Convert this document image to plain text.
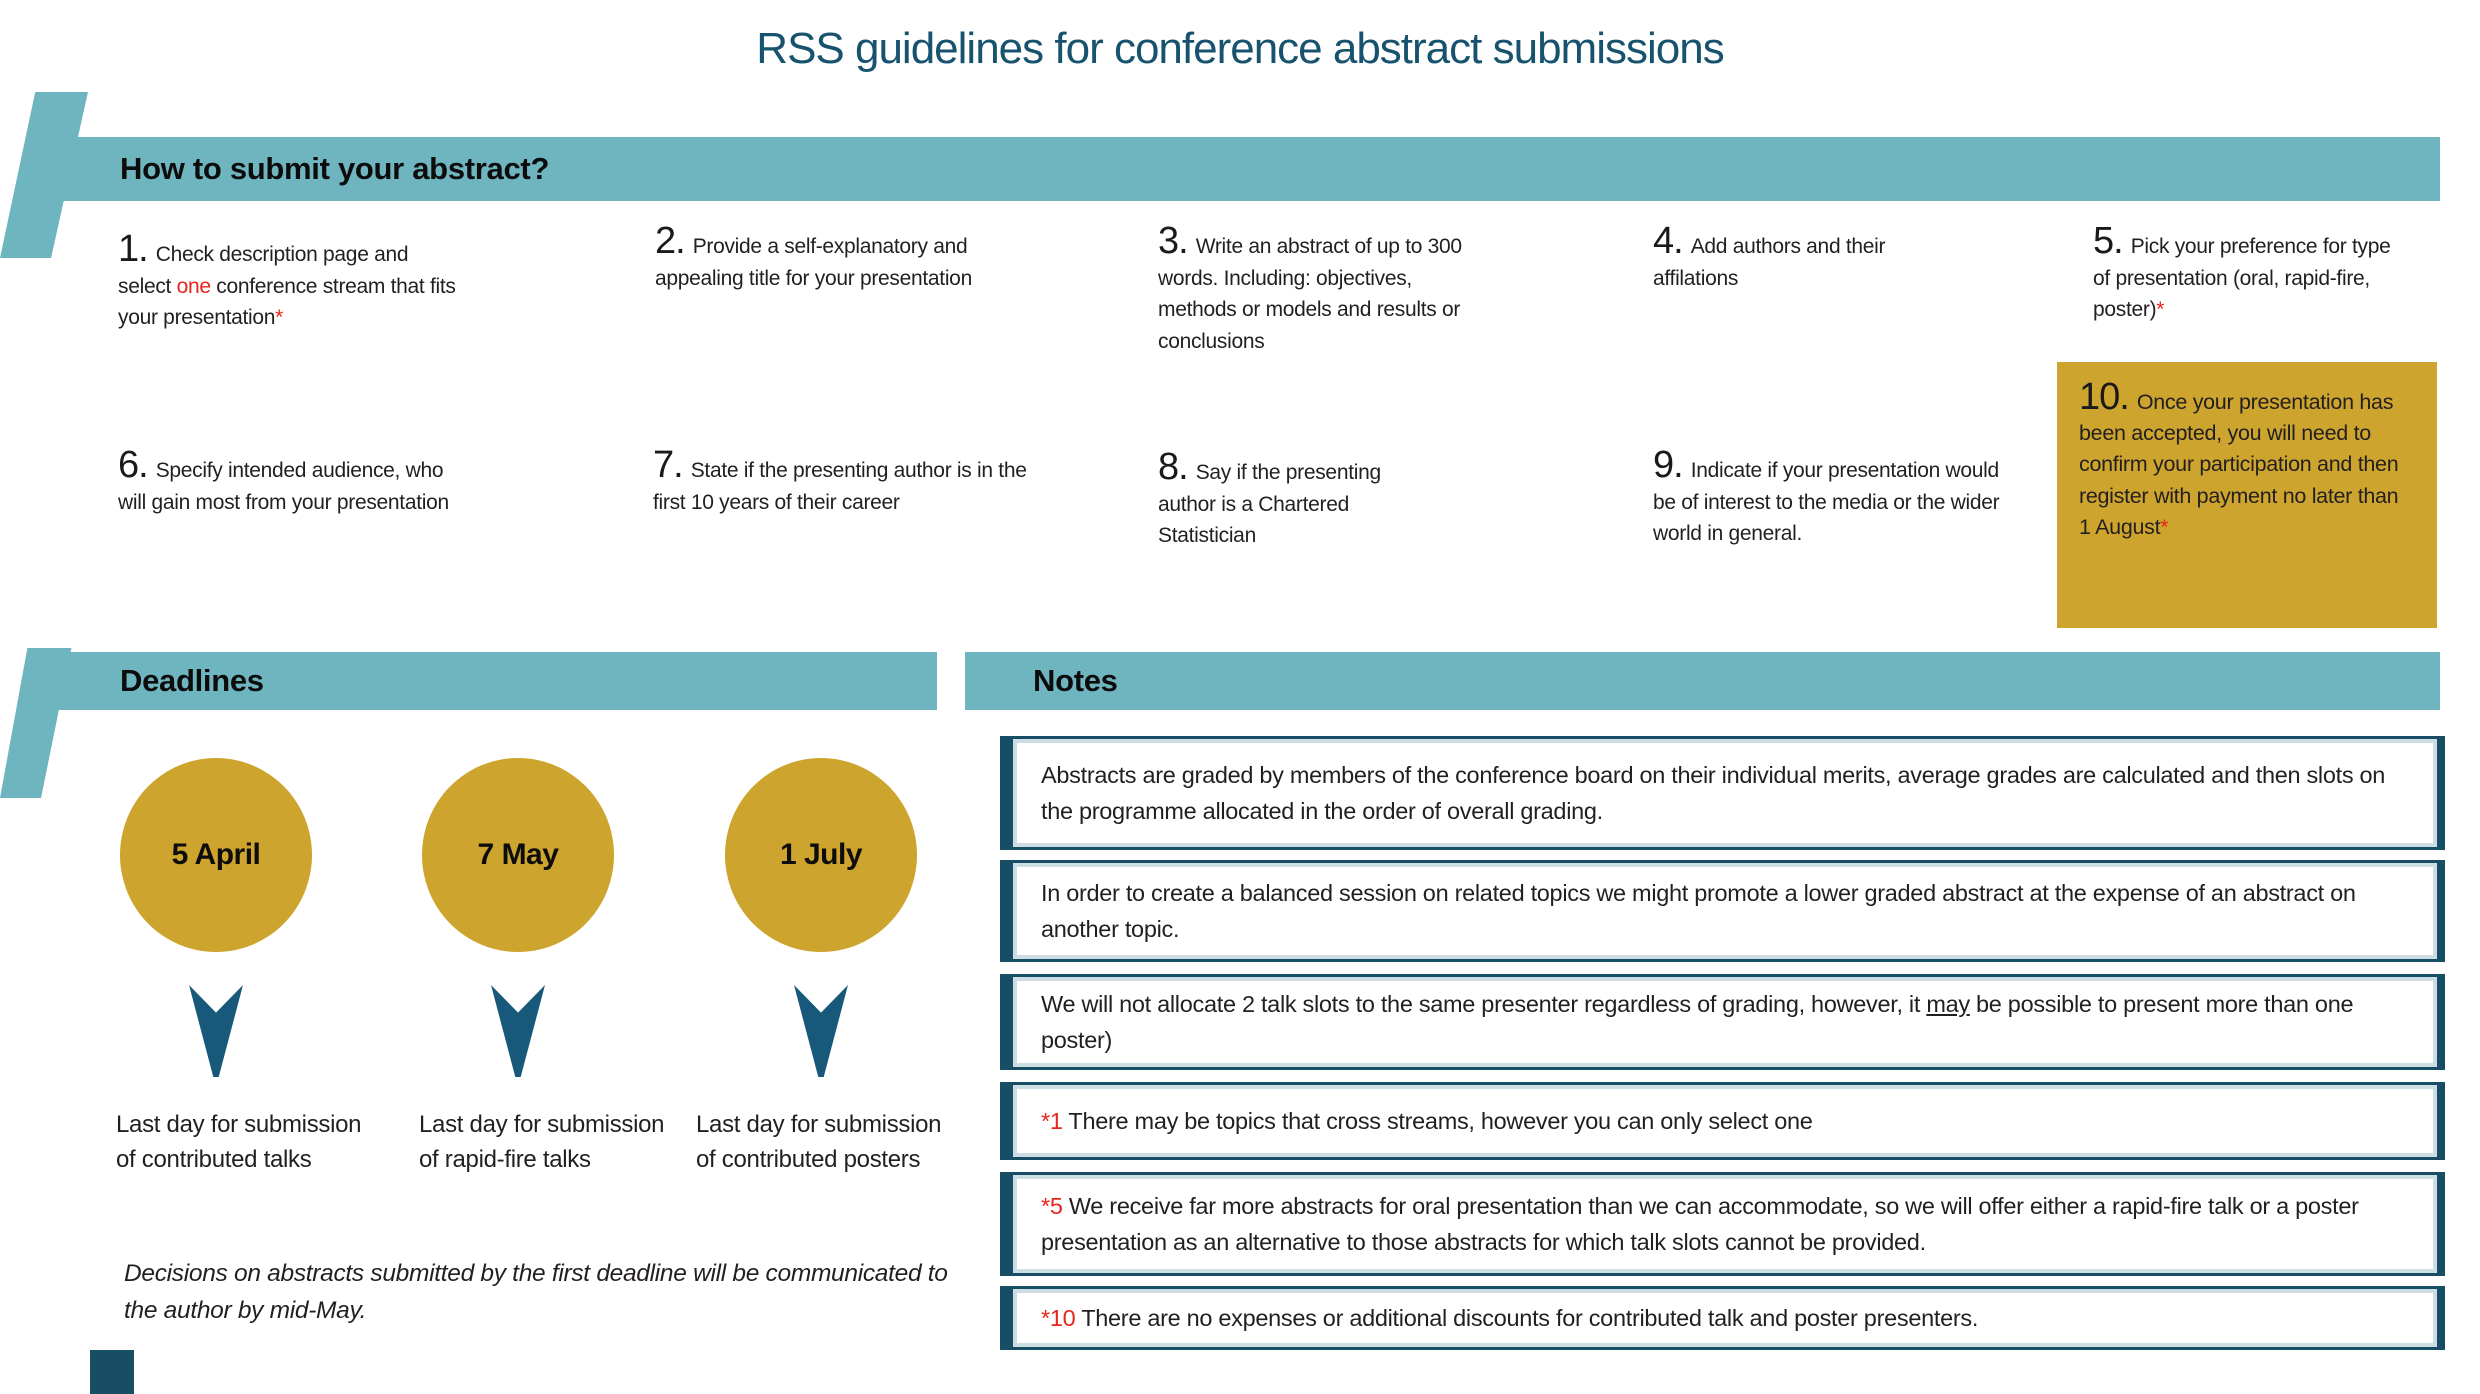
RSS guidelines for conference abstract submissions
How to submit your abstract?
1. Check description page and select one conference stream that fits your presentation*
2. Provide a self-explanatory and appealing title for your presentation
3. Write an abstract of up to 300 words. Including: objectives, methods or models and results or conclusions
4. Add authors and their affilations
5. Pick your preference for type of presentation (oral, rapid-fire, poster)*
6. Specify intended audience, who will gain most from your presentation
7. State if the presenting author is in the first 10 years of their career
8. Say if the presenting author is a Chartered Statistician
9. Indicate if your presentation would be of interest to the media or the wider world in general.
10. Once your presentation has been accepted, you will need to confirm your participation and then register with payment no later than 1 August*
Deadlines
5 April
Last day for submission of contributed talks
7 May
Last day for submission of rapid-fire talks
1 July
Last day for submission of contributed posters
Decisions on abstracts submitted by the first deadline will be communicated to the author by mid-May.
Notes
Abstracts are graded by members of the conference board on their individual merits, average grades are calculated and then slots on the programme allocated in the order of overall grading.
In order to create a balanced session on related topics we might promote a lower graded abstract at the expense of an abstract on another topic.
We will not allocate 2 talk slots to the same presenter regardless of grading, however, it may be possible to present more than one poster)
*1 There may be topics that cross streams, however you can only select one
*5 We receive far more abstracts for oral presentation than we can accommodate, so we will offer either a rapid-fire talk or a poster presentation as an alternative to those abstracts for which talk slots cannot be provided.
*10 There are no expenses or additional discounts for contributed talk and poster presenters.
